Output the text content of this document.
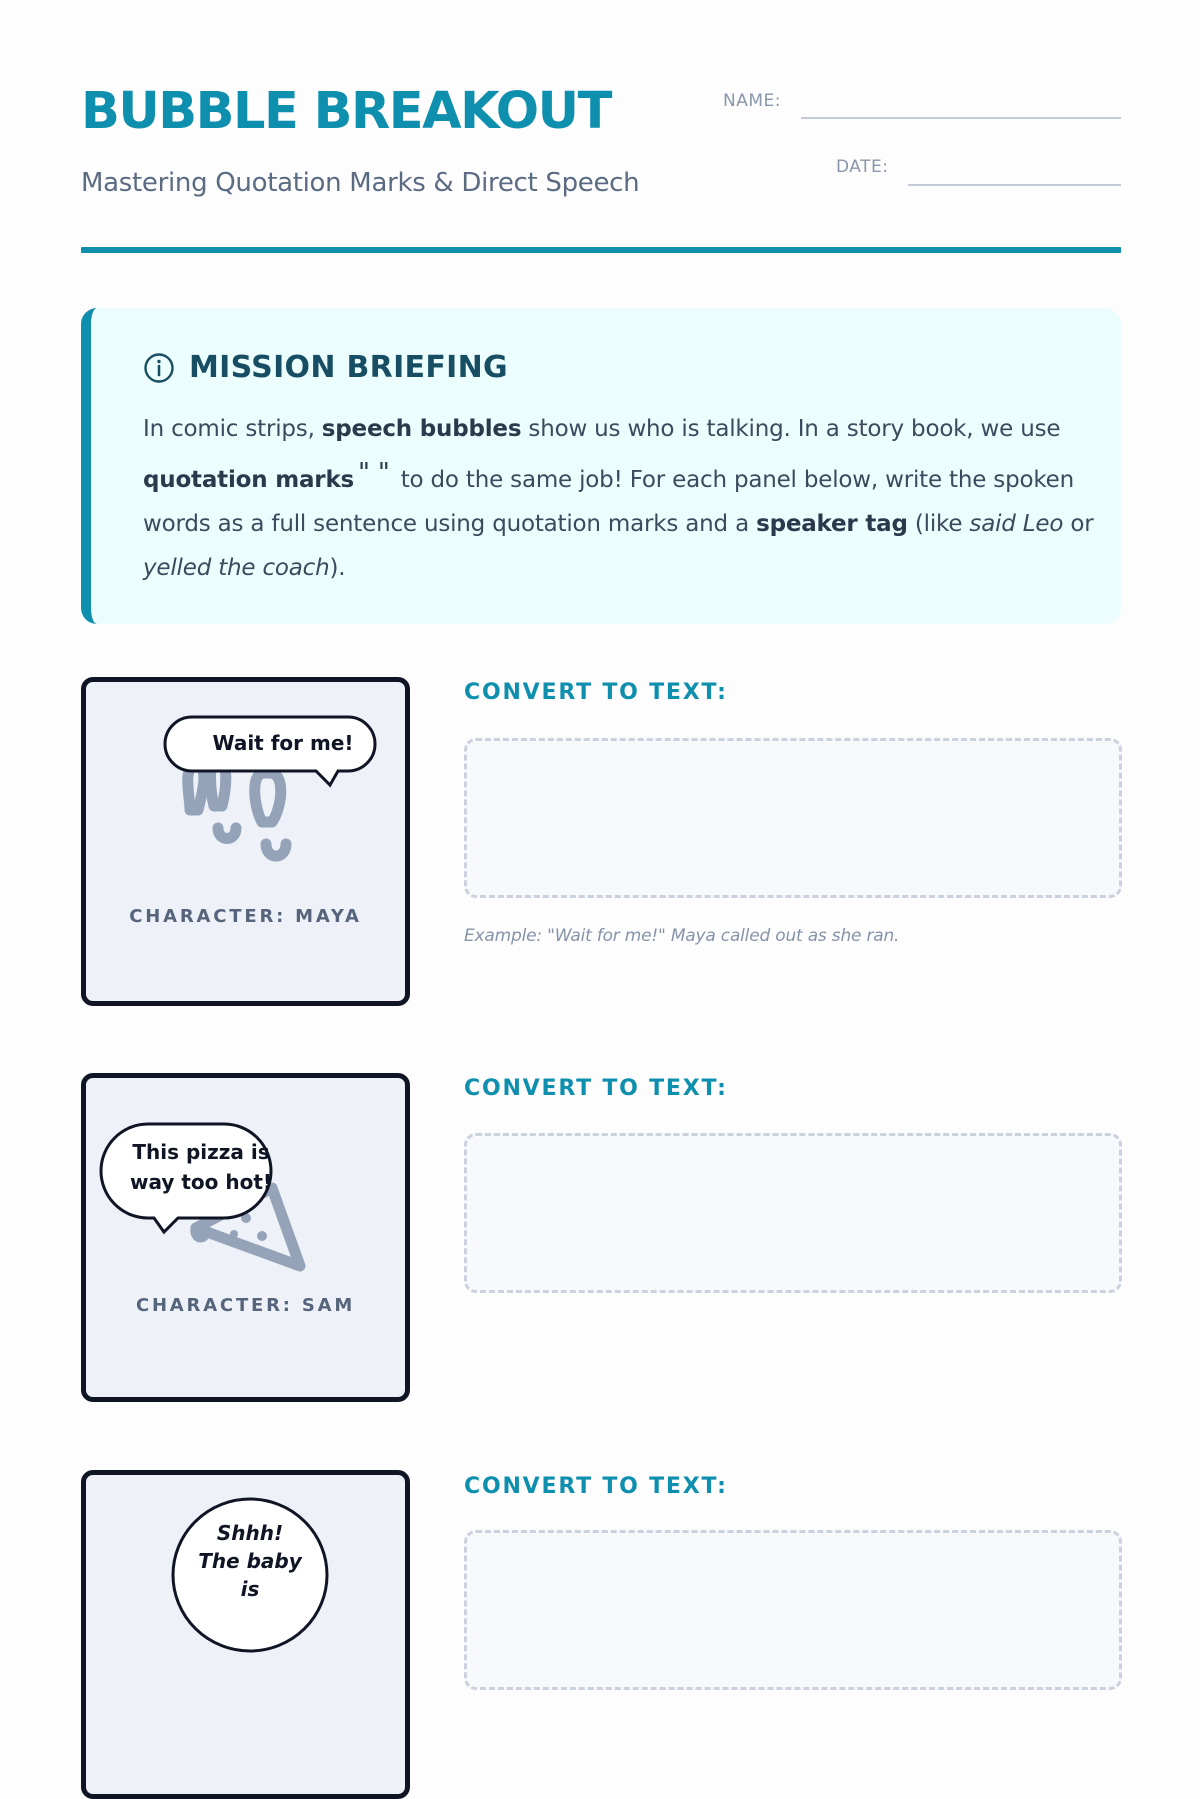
BUBBLE BREAKOUT

Mastering Quotation Marks & Direct Speech

NAME:
DATE:
MISSION BRIEFING
In comic strips, speech bubbles show us who is talking. In a story book, we use quotation marks " " to do the same job! For each panel below, write the spoken words as a full sentence using quotation marks and a speaker tag (like said Leo or yelled the coach).
Wait for me!
CHARACTER: MAYA
CONVERT TO TEXT:
Example: "Wait for me!" Maya called out as she ran.
This pizza is
way too hot!
CHARACTER: SAM
CONVERT TO TEXT:
Shhh!
The baby
is
CONVERT TO TEXT:
